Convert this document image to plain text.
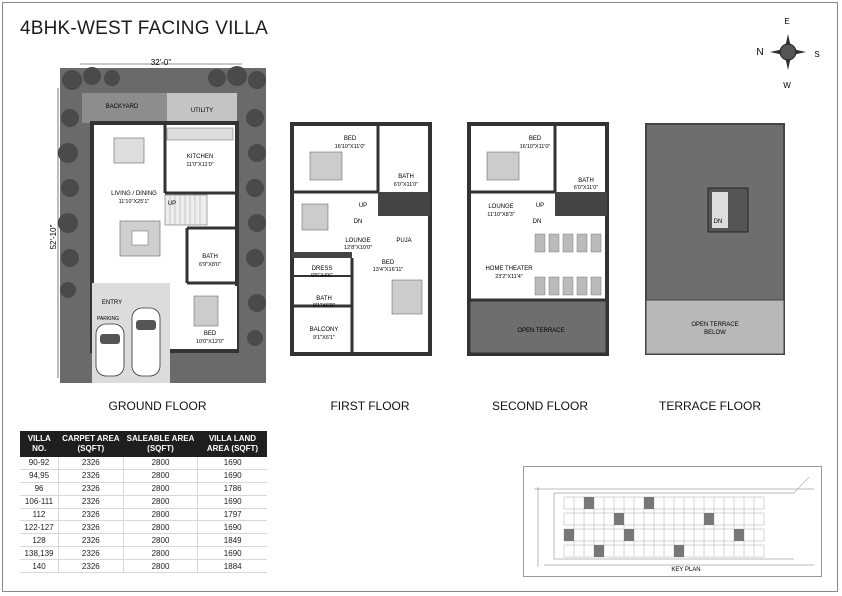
4BHK-WEST FACING VILLA	E
N	S
W
32'-0"
52'-10"
BACKYARD
UTILITY
KITCHEN
11'0"X11'0"
LIVING / DINING
11'10"X25'1"	UP
BATH
6'9"X8'0"
ENTRY
PARKING
BED
10'0"X12'0"
GROUND FLOOR
BED
16'10"X11'0"
BATH
6'0"X11'0"
UP
DN
LOUNGE
12'8"X10'0"
PUJA
DRESS
9'5"X4'6"
BED
13'4"X16'11"
BATH
9'1"X6'0"
BALCONY
9'1"X6'1"
FIRST FLOOR
BED
16'10"X11'0"
BATH
6'0"X11'0"
LOUNGE
11'10"X8'3"
UP
DN
HOME THEATER
23'2"X11'4"
OPEN TERRACE
SECOND FLOOR
DN
OPEN TERRACE
BELOW
TERRACE FLOOR
VILLA NO.	CARPET AREA (SQFT)	SALEABLE AREA (SQFT)	VILLA LAND AREA (SQFT)
90-92	2326	2800	1690
94,95	2326	2800	1690
96	2326	2800	1786
106-111	2326	2800	1690
112	2326	2800	1797
122-127	2326	2800	1690
128	2326	2800	1849
138,139	2326	2800	1690
140	2326	2800	1884	KEY PLAN
